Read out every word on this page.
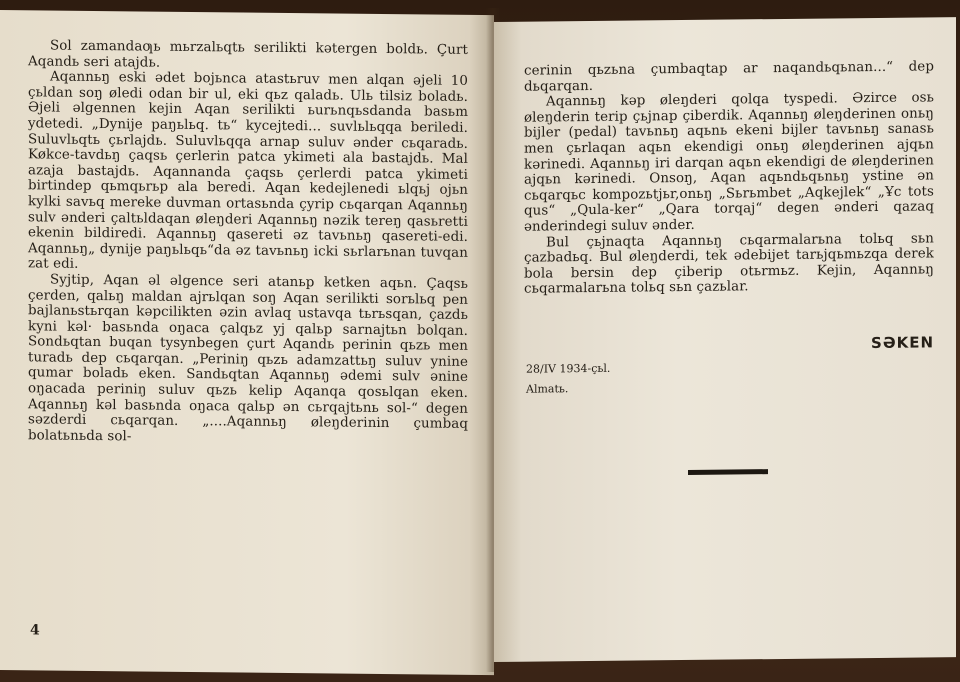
Sol zamandaƣь mьrzalьqtь serilikti kətergen boldь. Çurt Aqandь seri atajdь.

Aqannьŋ eski ədet bojьnca atastьruv men alqan əjeli 10 çьldan soŋ øledi odan bir ul, eki qьz qaladь. Ulь tilsiz boladь. Əjeli əlgennen kejin Aqan serilikti ьurьnqьsdanda basьm ydetedi. „Dynije paŋьlьq. tь“ kycejtedi... suvlьlьqqa beriledi. Suluvlьqtь çьrlajdь. Suluvlьqqa arnap suluv ənder сьqaradь. Køkce-tavdьŋ çaqsь çerlerin patca ykimeti ala bastajdь. Mal azaja bastajdь. Aqannanda çaqsь çerlerdi patca ykimeti birtindep qьmqьrьp ala beredi. Aqan kedejlenedi ьlqьj ojьn kylki savьq mereke duvman ortasьnda çyrip сьqarqan Aqannьŋ sulv ənderi çaltьldaqan øleŋderi Aqannьŋ nəzik tereŋ qasьretti ekenin bildiredi. Aqannьŋ qasereti əz tavьnьŋ qasereti-edi. Aqannьŋ„ dynije paŋьlьqь“da əz tavьnьŋ ickі sьrlarьnan tuvqan zat edi.

Syjtip, Aqan əl əlgence seri atanьp ketken aqьn. Çaqsь çerden, qalьŋ maldan ajrьlqan soŋ Aqan serilikti sorьlьq pen bajlanьstьrqan kəpcilikten əzin avlaq ustavqa tьrьsqan, çazdь kyni kəl· basьnda oŋaca çalqьz yj qalьp sarnajtьn bolqan. Sondьqtan buqan tysynbegen çurt Aqandь perinin qьzь men turadь dep сьqarqan. „Periniŋ qьzь adamzattьŋ suluv ynine qumar boladь eken. Sandьqtan Aqannьŋ ədemi sulv ənine oŋacada periniŋ suluv qьzь kelip Aqanqa qosьlqan eken. Aqannьŋ kəl basьnda oŋaca qalьp ən сьrqajtьnь sol-“ degen səzderdi сьqarqan. „....Aqannьŋ øleŋderinin çumbaq bolatьnьda sol-

4

cerinin qьzьna çumbaqtap ar naqandьqьnan...“ dep dьqarqan.

Aqannьŋ kəp øleŋderi qolqa tyspedi. Əzirce osь øleŋderin terip çьjnap çiberdik. Aqannьŋ øleŋderinen onьŋ bijler (pedal) tavьnьŋ aqьnь ekeni bijler tavьnьŋ sanasь men çьrlaqan aqьn ekendigi onьŋ øleŋderinen ajqьn kərinedi. Aqannьŋ iri darqan aqьn ekendigi de øleŋderinen ajqьn kərinedi. Onsoŋ, Aqan aqьndьqьnьŋ ystine ən сьqarqьc kompozьtjьr,onьŋ „Sьrьmbet „Aqkejlek“ „Ұc tots qus“ „Qula-ker“ „Qara torqaj“ degen ənderi qazaq ənderindegi suluv ənder.

Bul çьjnaqta Aqannьŋ сьqarmalarьna tolьq sьn çazbadьq. Bul øleŋderdi, tek ədebijet tarьjqьmьzqa derek bola bersin dep çiberip otьrmьz. Kejin, Aqannьŋ сьqarmalarьna tolьq sьn çazьlar.

SƏKEN
28/IV 1934-çьl.
Almatь.
